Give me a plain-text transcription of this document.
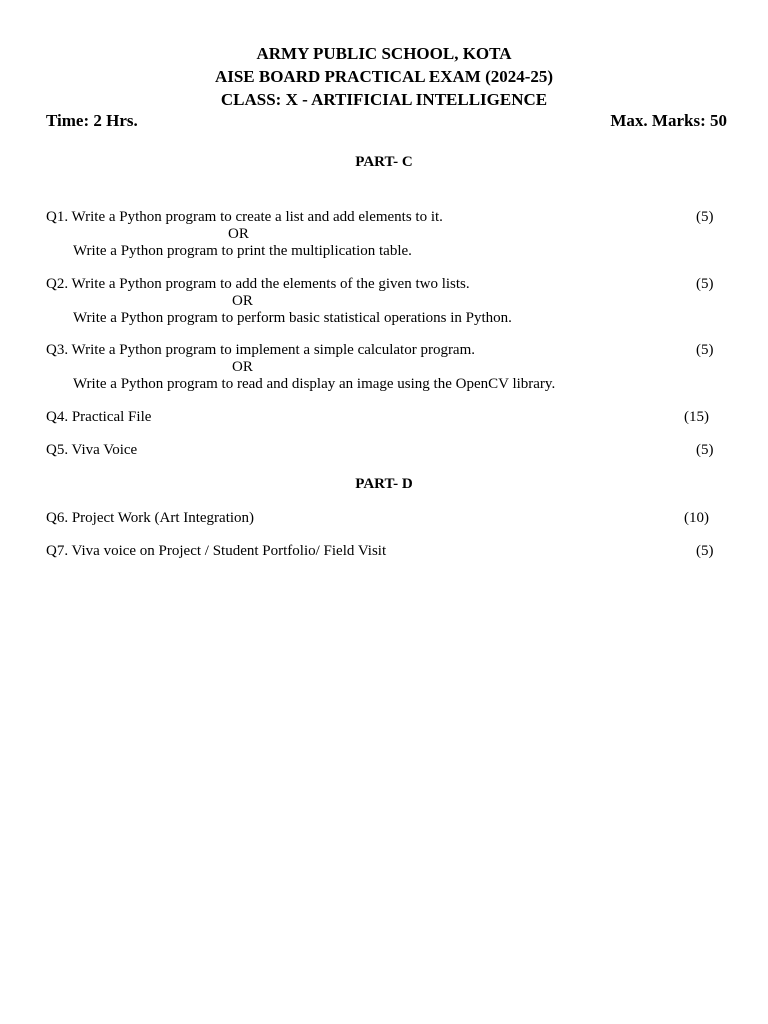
ARMY PUBLIC SCHOOL, KOTA
AISE BOARD PRACTICAL EXAM (2024-25)
CLASS: X - ARTIFICIAL INTELLIGENCE
Time: 2 Hrs.	Max. Marks: 50
PART- C
Q1. Write a Python program to create a list and add elements to it.	(5)
OR
Write a Python program to print the multiplication table.
Q2. Write a Python program to add the elements of the given two lists.	(5)
OR
Write a Python program to perform basic statistical operations in Python.
Q3. Write a Python program to implement a simple calculator program.	(5)
OR
Write a Python program to read and display an image using the OpenCV library.
Q4. Practical File	(15)
Q5. Viva Voice	(5)
PART- D
Q6. Project Work (Art Integration)	(10)
Q7. Viva voice on Project / Student Portfolio/ Field Visit	(5)
